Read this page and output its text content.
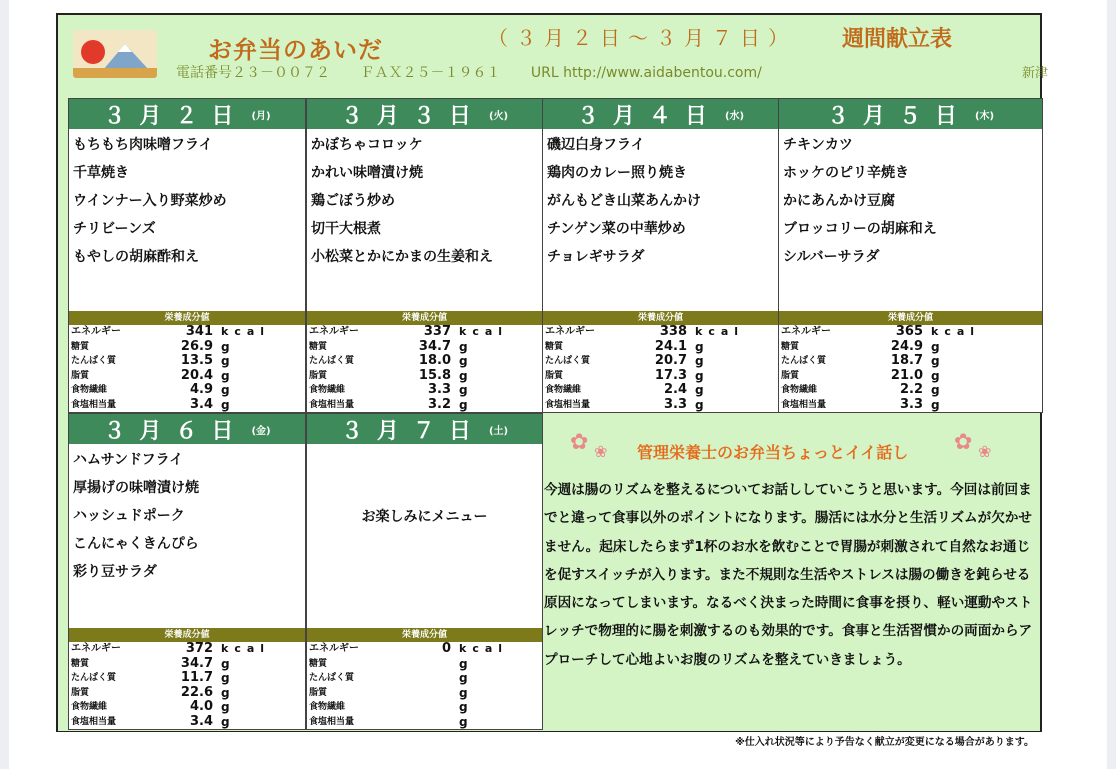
お弁当のあいだ	（３月２日～３月７日） 週間献立表
電話番号２３－００７２ ＦＡＸ２５－１９６１ URL http://www.aidabentou.com/	新津
３月２日 (月)
もちもち肉味噌フライ
千草焼き
ウインナー入り野菜炒め
チリビーンズ
もやしの胡麻酢和え
栄養成分値
エネルギー	341 kcal
糖質	26.9 g
たんぱく質	13.5 g
脂質	20.4 g
食物繊維	4.9 g
食塩相当量	3.4 g
３月３日 (火)
かぼちゃコロッケ
かれい味噌漬け焼
鶏ごぼう炒め
切干大根煮
小松菜とかにかまの生姜和え
栄養成分値
エネルギー	337 kcal
糖質	34.7 g
たんぱく質	18.0 g
脂質	15.8 g
食物繊維	3.3 g
食塩相当量	3.2 g
３月４日 (水)
磯辺白身フライ
鶏肉のカレー照り焼き
がんもどき山菜あんかけ
チンゲン菜の中華炒め
チョレギサラダ
栄養成分値
エネルギー	338 kcal
糖質	24.1 g
たんぱく質	20.7 g
脂質	17.3 g
食物繊維	2.4 g
食塩相当量	3.3 g
３月５日 (木)
チキンカツ
ホッケのピリ辛焼き
かにあんかけ豆腐
ブロッコリーの胡麻和え
シルバーサラダ
栄養成分値
エネルギー	365 kcal
糖質	24.9 g
たんぱく質	18.7 g
脂質	21.0 g
食物繊維	2.2 g
食塩相当量	3.3 g
３月６日 (金)
ハムサンドフライ
厚揚げの味噌漬け焼
ハッシュドポーク
こんにゃくきんぴら
彩り豆サラダ
栄養成分値
エネルギー	372 kcal
糖質	34.7 g
たんぱく質	11.7 g
脂質	22.6 g
食物繊維	4.0 g
食塩相当量	3.4 g
３月７日 (土)
お楽しみにメニュー
栄養成分値
エネルギー	0 kcal
糖質	g
たんぱく質	g
脂質	g
食物繊維	g
食塩相当量	g
✿ ❀ 管理栄養士のお弁当ちょっとイイ話し ✿ ❀
今週は腸のリズムを整えるについてお話ししていこうと思います。今回は前回までと違って食事以外のポイントになります。腸活には水分と生活リズムが欠かせません。起床したらまず1杯のお水を飲むことで胃腸が刺激されて自然なお通じを促すスイッチが入ります。また不規則な生活やストレスは腸の働きを鈍らせる原因になってしまいます。なるべく決まった時間に食事を摂り、軽い運動やストレッチで物理的に腸を刺激するのも効果的です。食事と生活習慣かの両面からアプローチして心地よいお腹のリズムを整えていきましょう。
※仕入れ状況等により予告なく献立が変更になる場合があります。
